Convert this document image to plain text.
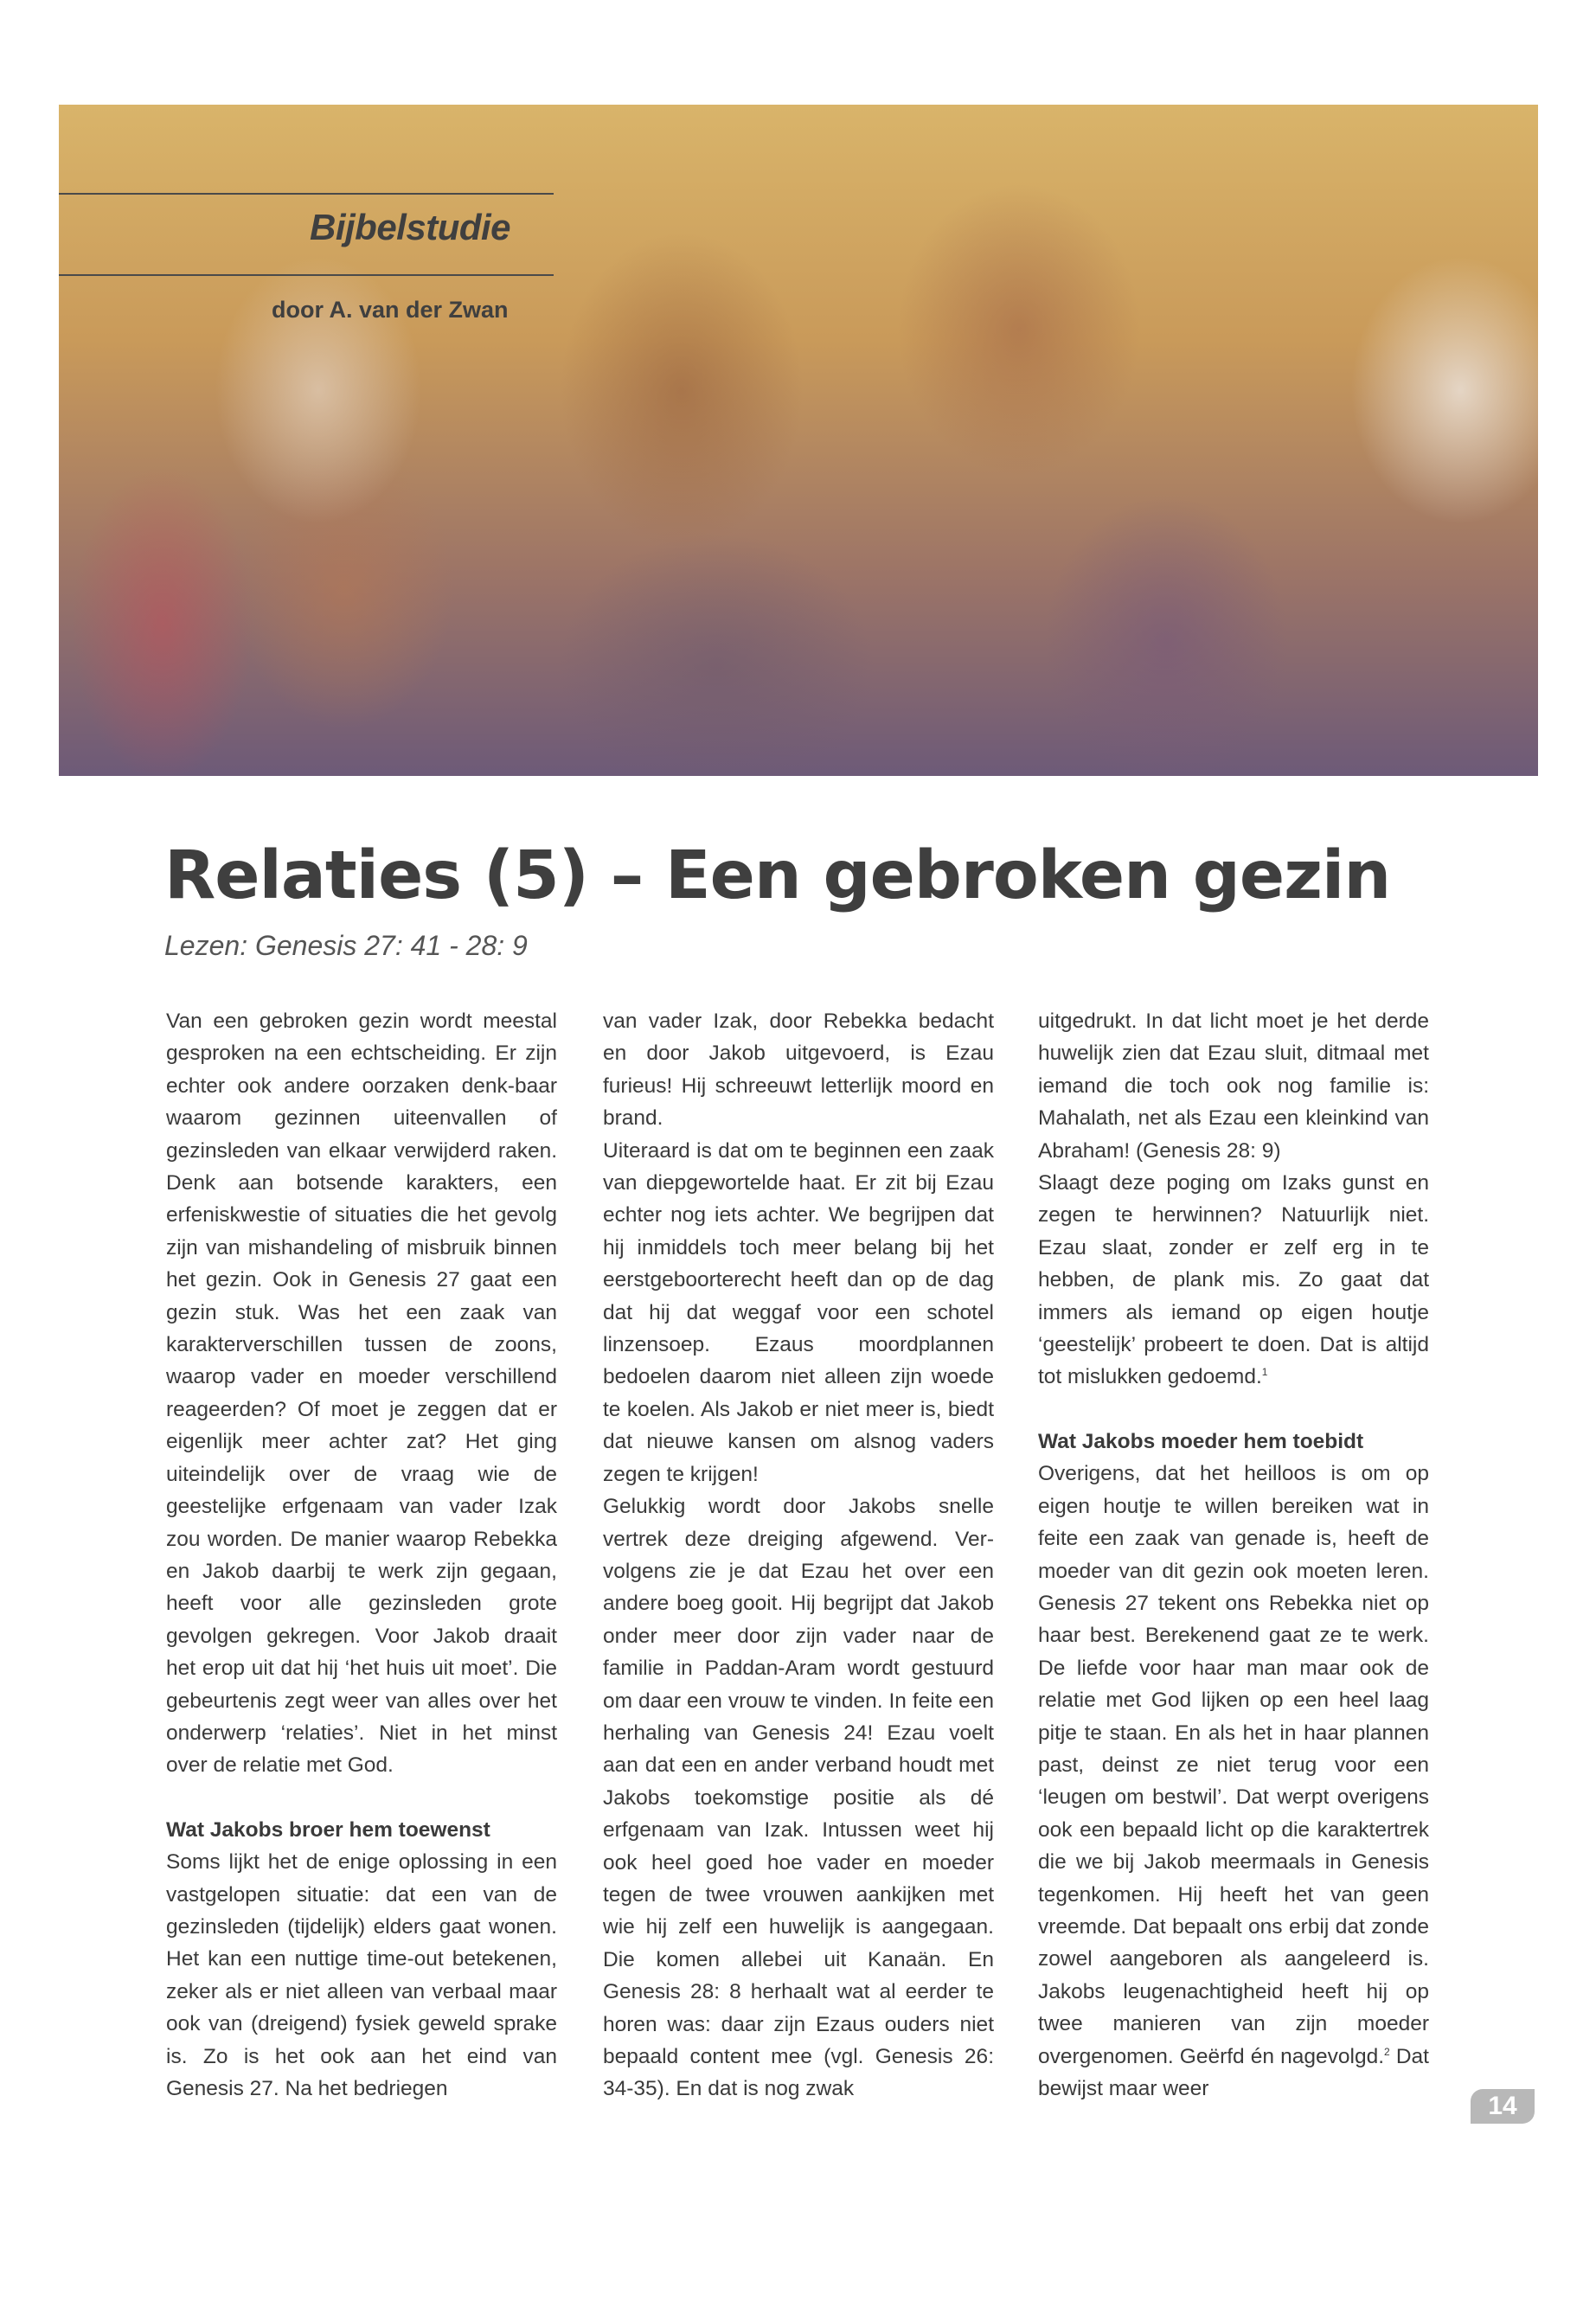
Bijbelstudie
door A. van der Zwan
Relaties (5) – Een gebroken gezin

Lezen: Genesis 27: 41 - 28: 9

Van een gebroken gezin wordt meestal gesproken na een echtscheiding. Er zijn echter ook andere oorzaken denk-baar waarom gezinnen uiteenvallen of gezinsleden van elkaar verwijderd raken. Denk aan botsende karakters, een erfeniskwestie of situaties die het gevolg zijn van mishandeling of misbruik binnen het gezin. Ook in Genesis 27 gaat een gezin stuk. Was het een zaak van karakterverschillen tussen de zoons, waarop vader en moeder verschillend reageerden? Of moet je zeggen dat er eigenlijk meer achter zat? Het ging uiteindelijk over de vraag wie de geestelijke erfgenaam van vader Izak zou worden. De manier waarop Rebekka en Jakob daarbij te werk zijn gegaan, heeft voor alle gezinsleden grote gevolgen gekregen. Voor Jakob draait het erop uit dat hij ‘het huis uit moet’. Die gebeurtenis zegt weer van alles over het onderwerp ‘relaties’. Niet in het minst over de relatie met God.

Wat Jakobs broer hem toewenst

Soms lijkt het de enige oplossing in een vastgelopen situatie: dat een van de gezinsleden (tijdelijk) elders gaat wonen. Het kan een nuttige time-out betekenen, zeker als er niet alleen van verbaal maar ook van (dreigend) fysiek geweld sprake is. Zo is het ook aan het eind van Genesis 27. Na het bedriegen

van vader Izak, door Rebekka bedacht en door Jakob uitgevoerd, is Ezau furieus! Hij schreeuwt letterlijk moord en brand.

Uiteraard is dat om te beginnen een zaak van diepgewortelde haat. Er zit bij Ezau echter nog iets achter. We begrijpen dat hij inmiddels toch meer belang bij het eerstgeboorterecht heeft dan op de dag dat hij dat weggaf voor een schotel linzensoep. Ezaus moordplannen bedoelen daarom niet alleen zijn woede te koelen. Als Jakob er niet meer is, biedt dat nieuwe kansen om alsnog vaders zegen te krijgen!

Gelukkig wordt door Jakobs snelle vertrek deze dreiging afgewend. Ver-volgens zie je dat Ezau het over een andere boeg gooit. Hij begrijpt dat Jakob onder meer door zijn vader naar de familie in Paddan-Aram wordt gestuurd om daar een vrouw te vinden. In feite een herhaling van Genesis 24! Ezau voelt aan dat een en ander verband houdt met Jakobs toekomstige positie als dé erfgenaam van Izak. Intussen weet hij ook heel goed hoe vader en moeder tegen de twee vrouwen aankijken met wie hij zelf een huwelijk is aangegaan. Die komen allebei uit Kanaän. En Genesis 28: 8 herhaalt wat al eerder te horen was: daar zijn Ezaus ouders niet bepaald content mee (vgl. Genesis 26: 34-35). En dat is nog zwak

uitgedrukt. In dat licht moet je het derde huwelijk zien dat Ezau sluit, ditmaal met iemand die toch ook nog familie is: Mahalath, net als Ezau een kleinkind van Abraham! (Genesis 28: 9)

Slaagt deze poging om Izaks gunst en zegen te herwinnen? Natuurlijk niet. Ezau slaat, zonder er zelf erg in te hebben, de plank mis. Zo gaat dat immers als iemand op eigen houtje ‘geestelijk’ probeert te doen. Dat is altijd tot mislukken gedoemd.$^1$

Wat Jakobs moeder hem toebidt

Overigens, dat het heilloos is om op eigen houtje te willen bereiken wat in feite een zaak van genade is, heeft de moeder van dit gezin ook moeten leren. Genesis 27 tekent ons Rebekka niet op haar best. Berekenend gaat ze te werk. De liefde voor haar man maar ook de relatie met God lijken op een heel laag pitje te staan. En als het in haar plannen past, deinst ze niet terug voor een ‘leugen om bestwil’. Dat werpt overigens ook een bepaald licht op die karaktertrek die we bij Jakob meermaals in Genesis tegenkomen. Hij heeft het van geen vreemde. Dat bepaalt ons erbij dat zonde zowel aangeboren als aangeleerd is. Jakobs leugenachtigheid heeft hij op twee manieren van zijn moeder overgenomen. Geërfd én nagevolgd.$^2$ Dat bewijst maar weer

14
